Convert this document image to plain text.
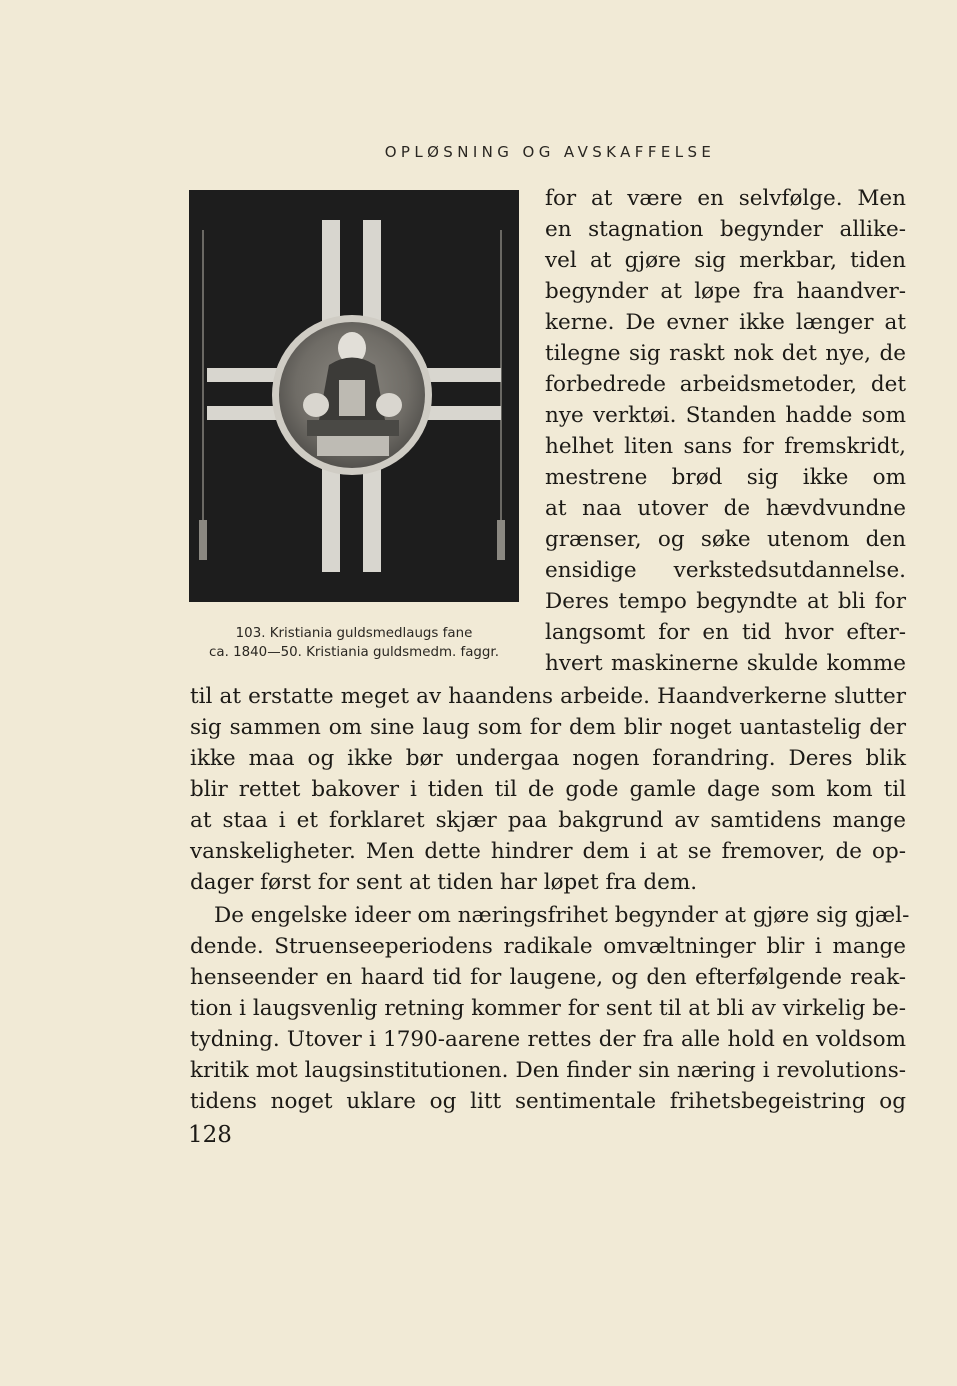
OPLØSNING OG AVSKAFFELSE
103. Kristiania guldsmedlaugs fane
ca. 1840—50. Kristiania guldsmedm. faggr.
for at være en selvfølge. Men
en stagnation begynder allike-
vel at gjøre sig merkbar, tiden
begynder at løpe fra haandver-
kerne. De evner ikke længer at
tilegne sig raskt nok det nye, de
forbedrede arbeidsmetoder, det
nye verktøi. Standen hadde som
helhet liten sans for fremskridt,
mestrene brød sig ikke om
at naa utover de hævdvundne
grænser, og søke utenom den
ensidige verkstedsutdannelse.
Deres tempo begyndte at bli for
langsomt for en tid hvor efter-
hvert maskinerne skulde komme
til at erstatte meget av haandens arbeide. Haandverkerne slutter
sig sammen om sine laug som for dem blir noget uantastelig der
ikke maa og ikke bør undergaa nogen forandring. Deres blik
blir rettet bakover i tiden til de gode gamle dage som kom til
at staa i et forklaret skjær paa bakgrund av samtidens mange
vanskeligheter. Men dette hindrer dem i at se fremover, de op-
dager først for sent at tiden har løpet fra dem.
De engelske ideer om næringsfrihet begynder at gjøre sig gjæl-
dende. Struenseeperiodens radikale omvæltninger blir i mange
henseender en haard tid for laugene, og den efterfølgende reak-
tion i laugsvenlig retning kommer for sent til at bli av virkelig be-
tydning. Utover i 1790-aarene rettes der fra alle hold en voldsom
kritik mot laugsinstitutionen. Den finder sin næring i revolutions-
tidens noget uklare og litt sentimentale frihetsbegeistring og
128
